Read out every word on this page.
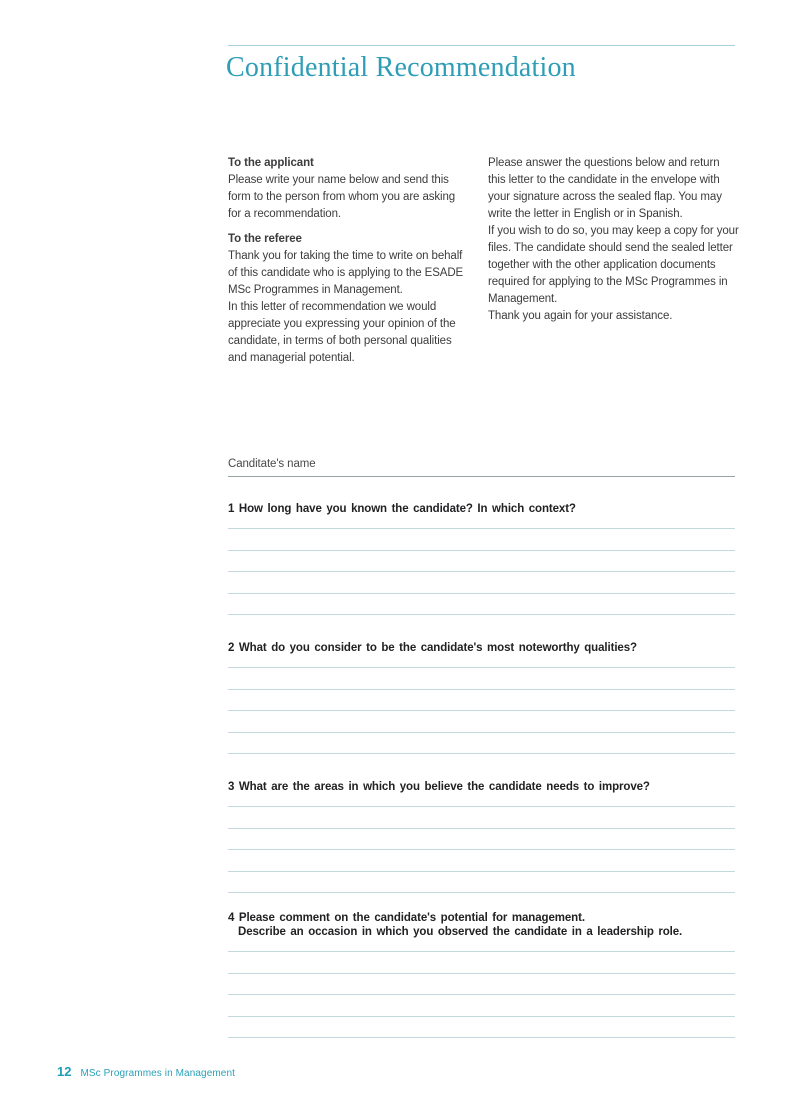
Confidential Recommendation

To the applicant

Please write your name below and send this form to the person from whom you are asking for a recommendation.

To the referee

Thank you for taking the time to write on behalf of this candidate who is applying to the ESADE MSc Programmes in Management.

In this letter of recommendation we would appreciate you expressing your opinion of the candidate, in terms of both personal qualities and managerial potential.

Please answer the questions below and return this letter to the candidate in the envelope with your signature across the sealed flap. You may write the letter in English or in Spanish.

If you wish to do so, you may keep a copy for your files. The candidate should send the sealed letter together with the other application documents required for applying to the MSc Programmes in Management.

Thank you again for your assistance.

Canditate's name
1 How long have you known the candidate? In which context?
2 What do you consider to be the candidate's most noteworthy qualities?
3 What are the areas in which you believe the candidate needs to improve?
4 Please comment on the candidate's potential for management.
Describe an occasion in which you observed the candidate in a leadership role.
12 MSc Programmes in Management
